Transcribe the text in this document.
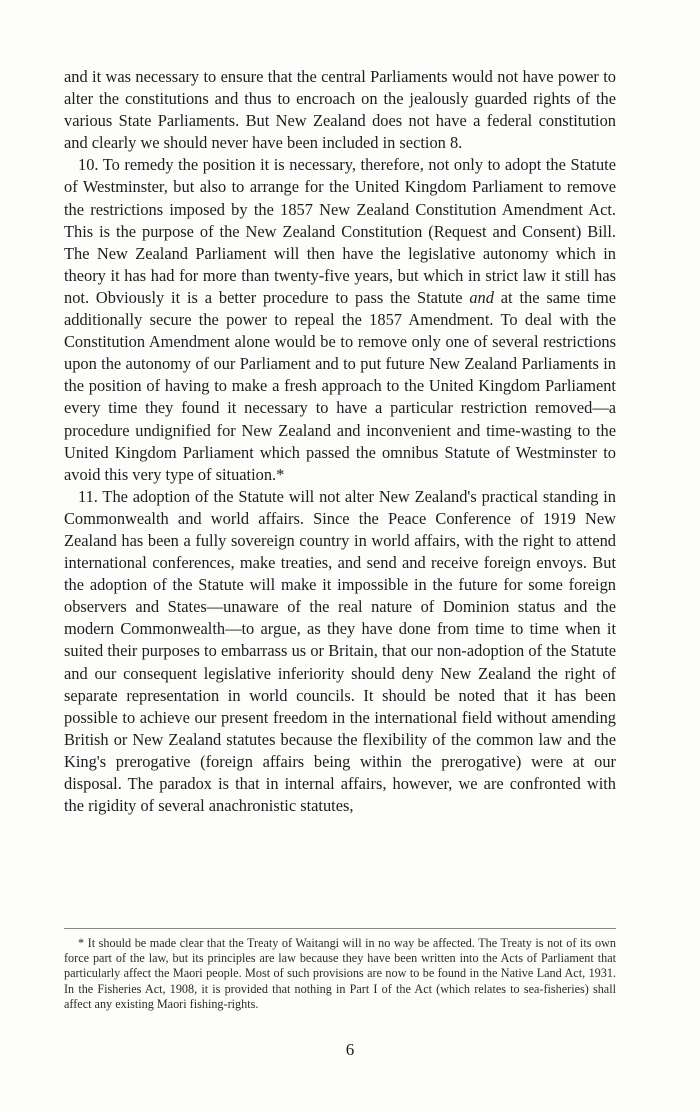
and it was necessary to ensure that the central Parliaments would not have power to alter the constitutions and thus to encroach on the jealously guarded rights of the various State Parliaments. But New Zealand does not have a federal constitution and clearly we should never have been included in section 8.

10. To remedy the position it is necessary, therefore, not only to adopt the Statute of Westminster, but also to arrange for the United Kingdom Parliament to remove the restrictions imposed by the 1857 New Zealand Constitution Amendment Act. This is the purpose of the New Zealand Constitution (Request and Consent) Bill. The New Zealand Parliament will then have the legislative autonomy which in theory it has had for more than twenty-five years, but which in strict law it still has not. Obviously it is a better procedure to pass the Statute and at the same time additionally secure the power to repeal the 1857 Amendment. To deal with the Constitution Amendment alone would be to remove only one of several restrictions upon the autonomy of our Parliament and to put future New Zealand Parliaments in the position of having to make a fresh approach to the United Kingdom Parliament every time they found it necessary to have a particular restriction removed—a procedure undignified for New Zealand and inconvenient and time-wasting to the United Kingdom Parliament which passed the omnibus Statute of Westminster to avoid this very type of situation.*

11. The adoption of the Statute will not alter New Zealand's practical standing in Commonwealth and world affairs. Since the Peace Conference of 1919 New Zealand has been a fully sovereign country in world affairs, with the right to attend international conferences, make treaties, and send and receive foreign envoys. But the adoption of the Statute will make it impossible in the future for some foreign observers and States—unaware of the real nature of Dominion status and the modern Commonwealth—to argue, as they have done from time to time when it suited their purposes to embarrass us or Britain, that our non-adoption of the Statute and our consequent legislative inferiority should deny New Zealand the right of separate representation in world councils. It should be noted that it has been possible to achieve our present freedom in the international field without amending British or New Zealand statutes because the flexibility of the common law and the King's prerogative (foreign affairs being within the prerogative) were at our disposal. The paradox is that in internal affairs, however, we are confronted with the rigidity of several anachronistic statutes,

* It should be made clear that the Treaty of Waitangi will in no way be affected. The Treaty is not of its own force part of the law, but its principles are law because they have been written into the Acts of Parliament that particularly affect the Maori people. Most of such provisions are now to be found in the Native Land Act, 1931. In the Fisheries Act, 1908, it is provided that nothing in Part I of the Act (which relates to sea-fisheries) shall affect any existing Maori fishing-rights.

6
